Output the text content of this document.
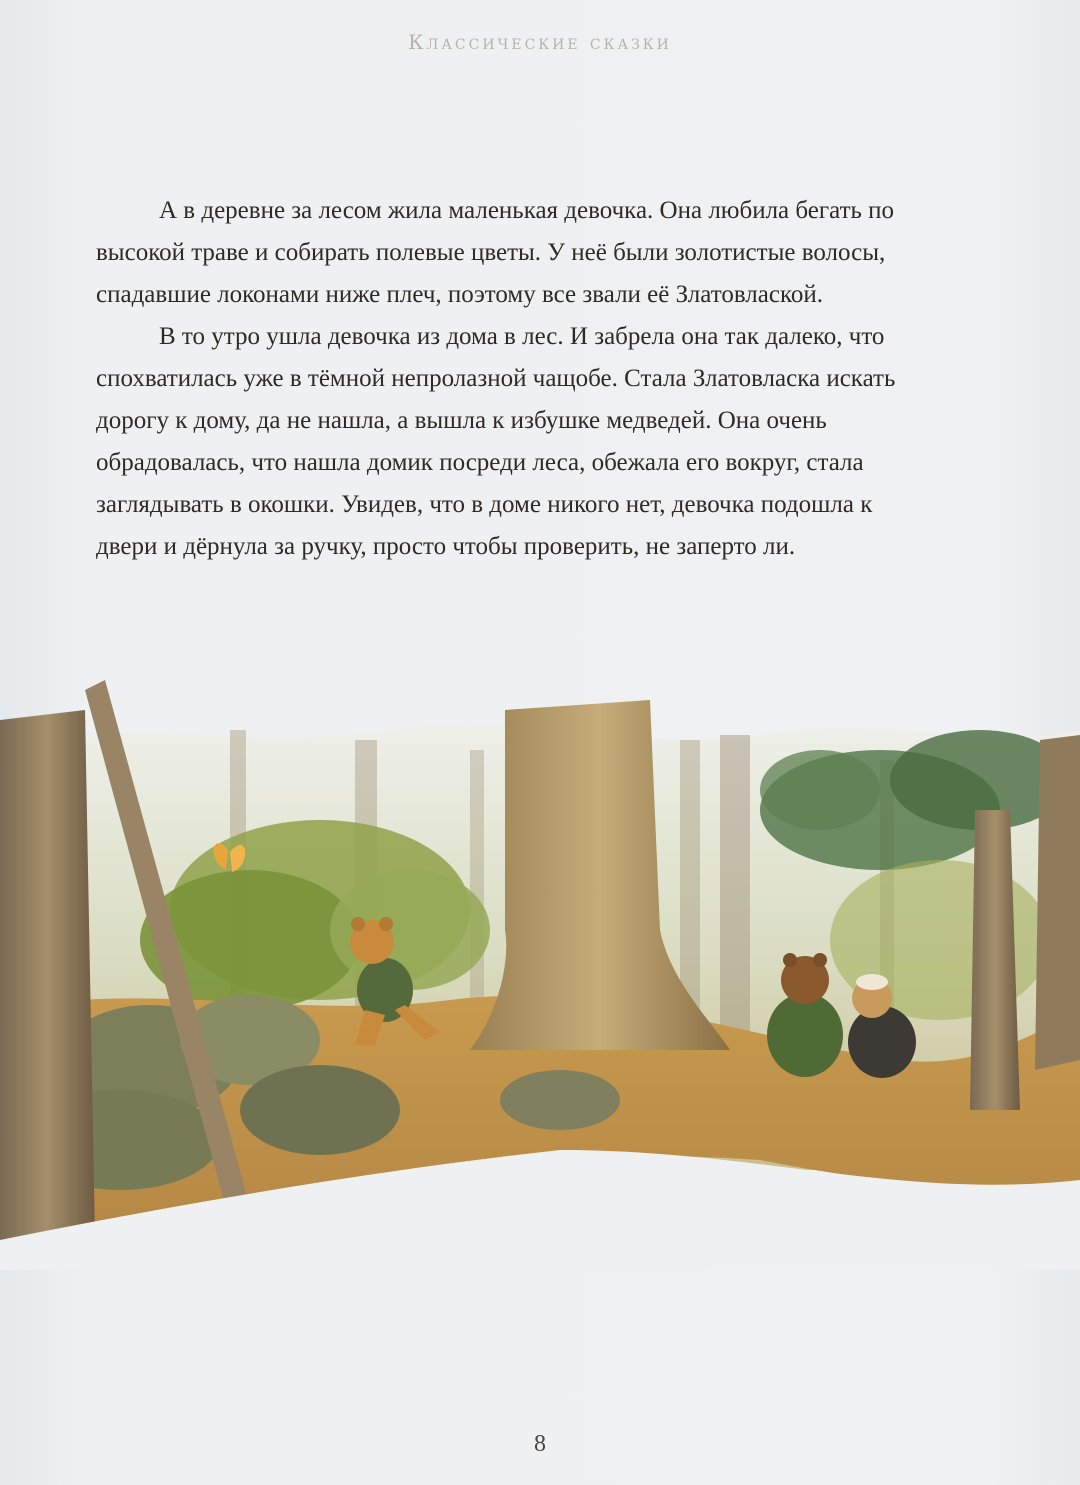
Классические сказки

А в деревне за лесом жила маленькая девочка. Она любила бегать по высокой траве и собирать полевые цветы. У неё были золотистые волосы, спадавшие локонами ниже плеч, поэтому все звали её Златовлаской.

В то утро ушла девочка из дома в лес. И забрела она так далеко, что спохватилась уже в тёмной непролазной чащобе. Стала Златовласка искать дорогу к дому, да не нашла, а вышла к избушке медведей. Она очень обрадовалась, что нашла домик посреди леса, обежала его вокруг, стала заглядывать в окошки. Увидев, что в доме никого нет, девочка подошла к двери и дёрнула за ручку, просто чтобы проверить, не заперто ли.

8
